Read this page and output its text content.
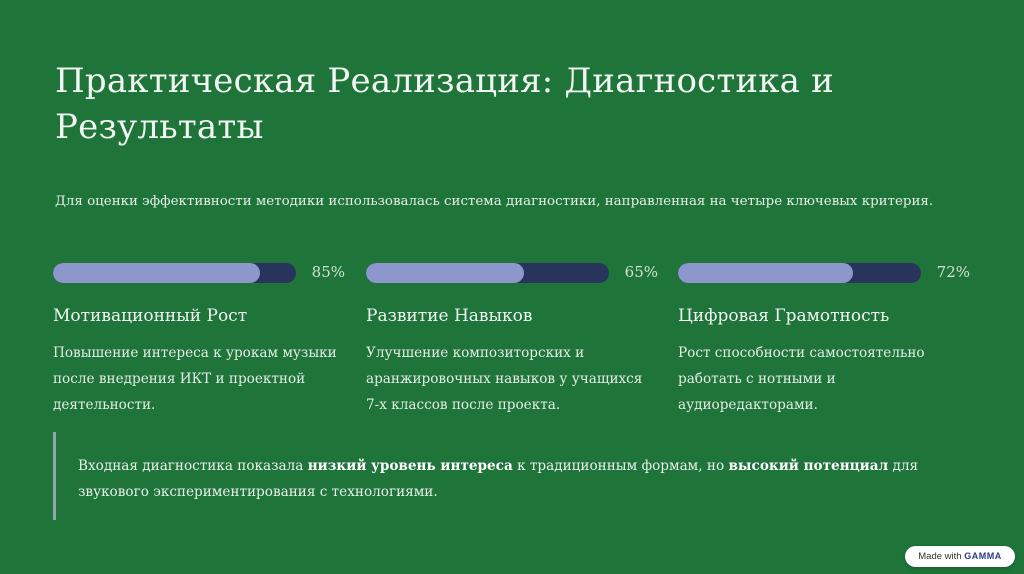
Практическая Реализация: Диагностика и Результаты
Для оценки эффективности методики использовалась система диагностики, направленная на четыре ключевых критерия.
85%
Мотивационный Рост
Повышение интереса к урокам музыки после внедрения ИКТ и проектной деятельности.
65%
Развитие Навыков
Улучшение композиторских и аранжировочных навыков у учащихся 7-х классов после проекта.
72%
Цифровая Грамотность
Рост способности самостоятельно работать с нотными и аудиоредакторами.
Входная диагностика показала низкий уровень интереса к традиционным формам, но высокий потенциал для звукового экспериментирования с технологиями.
Made with GAMMA
